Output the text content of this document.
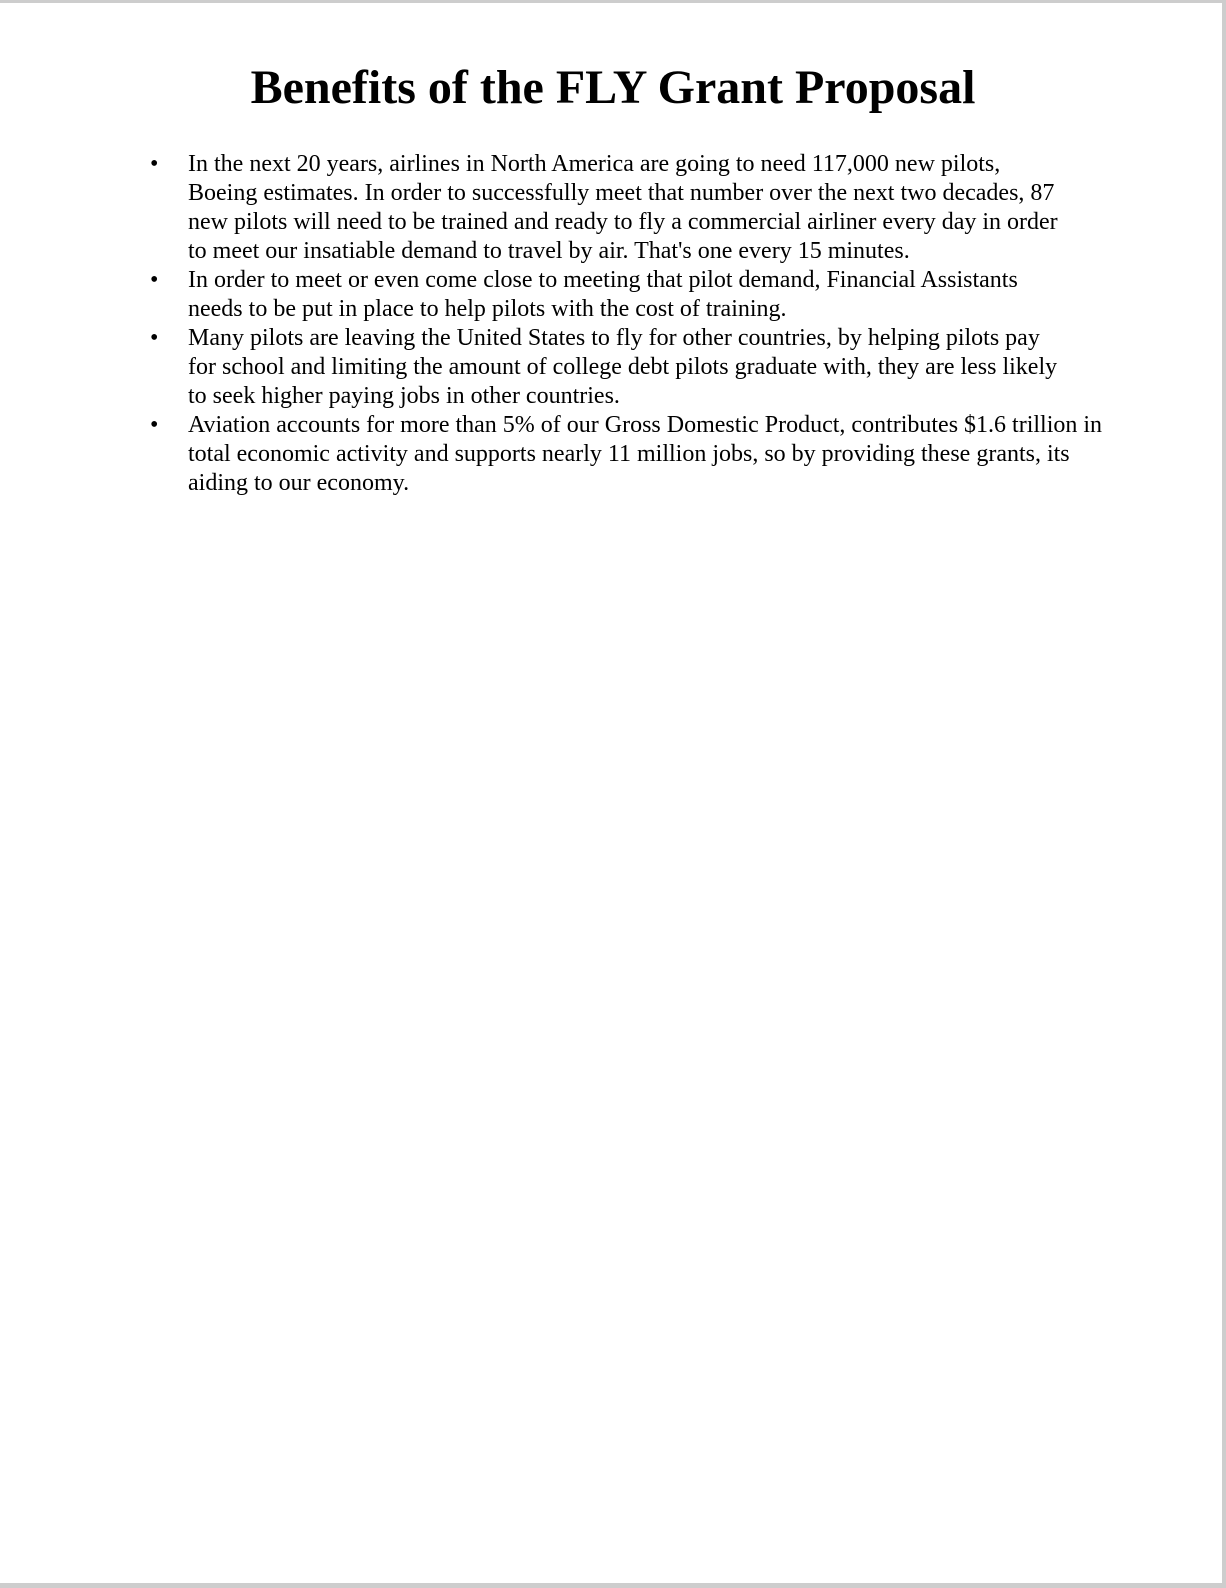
Benefits of the FLY Grant Proposal
• In the next 20 years, airlines in North America are going to need 117,000 new pilots,
Boeing estimates. In order to successfully meet that number over the next two decades, 87
new pilots will need to be trained and ready to fly a commercial airliner every day in order
to meet our insatiable demand to travel by air. That's one every 15 minutes.
• In order to meet or even come close to meeting that pilot demand, Financial Assistants
needs to be put in place to help pilots with the cost of training.
• Many pilots are leaving the United States to fly for other countries, by helping pilots pay
for school and limiting the amount of college debt pilots graduate with, they are less likely
to seek higher paying jobs in other countries.
• Aviation accounts for more than 5% of our Gross Domestic Product, contributes $1.6 trillion in
total economic activity and supports nearly 11 million jobs, so by providing these grants, its
aiding to our economy.
